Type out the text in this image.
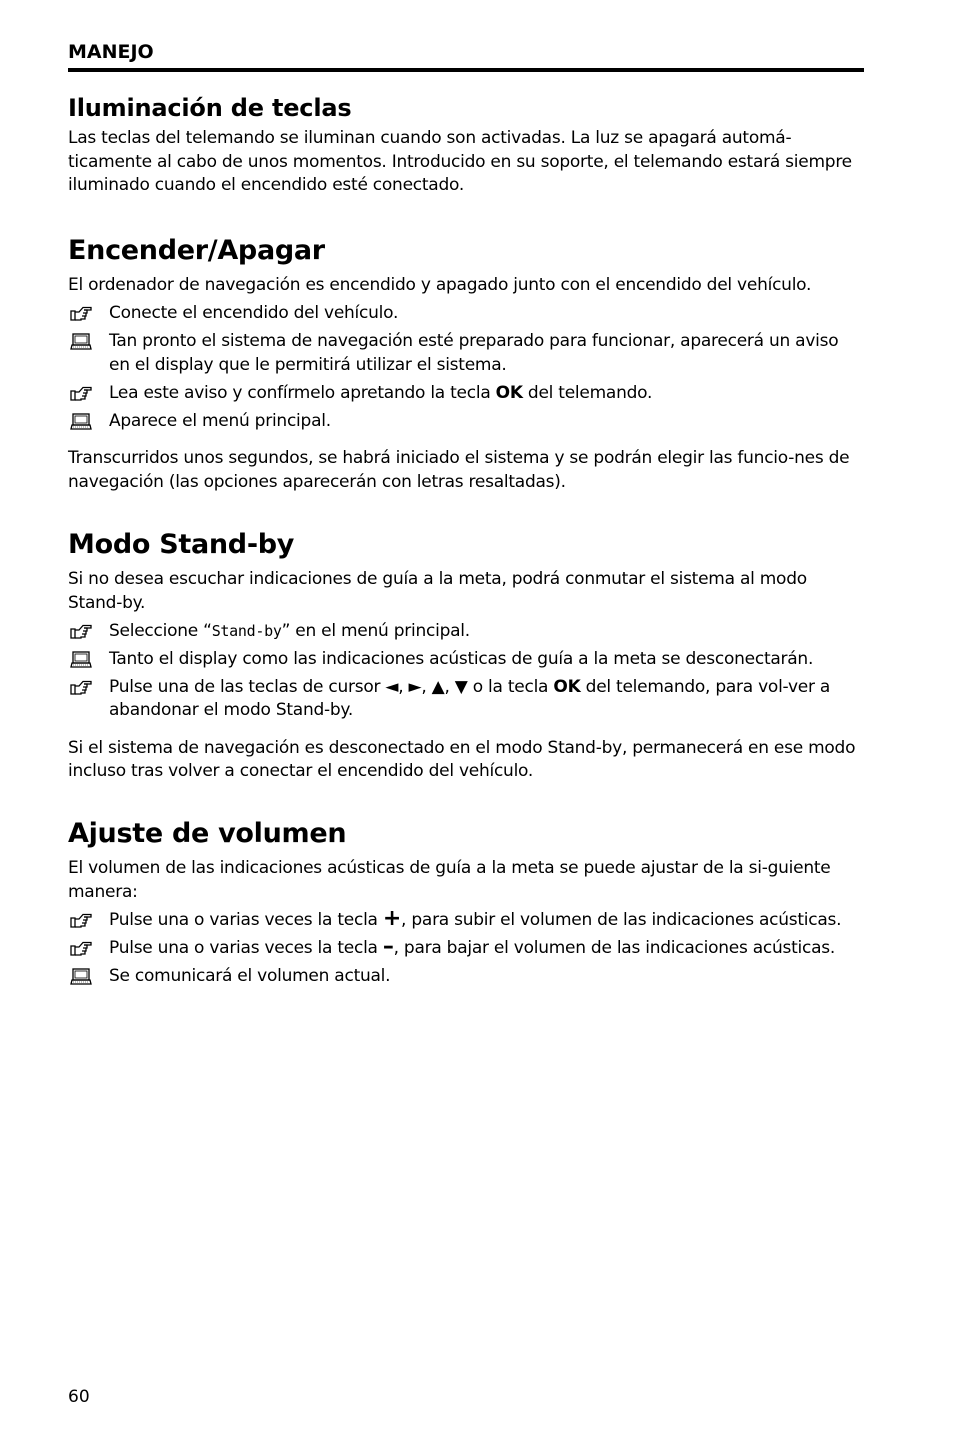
MANEJO
Iluminación de teclas

Las teclas del telemando se iluminan cuando son activadas. La luz se apagará automá-ticamente al cabo de unos momentos. Introducido en su soporte, el telemando estará siempre iluminado cuando el encendido esté conectado.

Encender/Apagar

El ordenador de navegación es encendido y apagado junto con el encendido del vehículo.

Conecte el encendido del vehículo.
Tan pronto el sistema de navegación esté preparado para funcionar, aparecerá un aviso en el display que le permitirá utilizar el sistema.
Lea este aviso y confírmelo apretando la tecla OK del telemando.
Aparece el menú principal.

Transcurridos unos segundos, se habrá iniciado el sistema y se podrán elegir las funcio-nes de navegación (las opciones aparecerán con letras resaltadas).

Modo Stand-by

Si no desea escuchar indicaciones de guía a la meta, podrá conmutar el sistema al modo Stand-by.

Seleccione “Stand-by” en el menú principal.
Tanto el display como las indicaciones acústicas de guía a la meta se desconectarán.
Pulse una de las teclas de cursor ◄, ►, ▲, ▼ o la tecla OK del telemando, para vol-ver a abandonar el modo Stand-by.

Si el sistema de navegación es desconectado en el modo Stand-by, permanecerá en ese modo incluso tras volver a conectar el encendido del vehículo.

Ajuste de volumen

El volumen de las indicaciones acústicas de guía a la meta se puede ajustar de la si-guiente manera:

Pulse una o varias veces la tecla +, para subir el volumen de las indicaciones acústicas.
Pulse una o varias veces la tecla –, para bajar el volumen de las indicaciones acústicas.
Se comunicará el volumen actual.
60
